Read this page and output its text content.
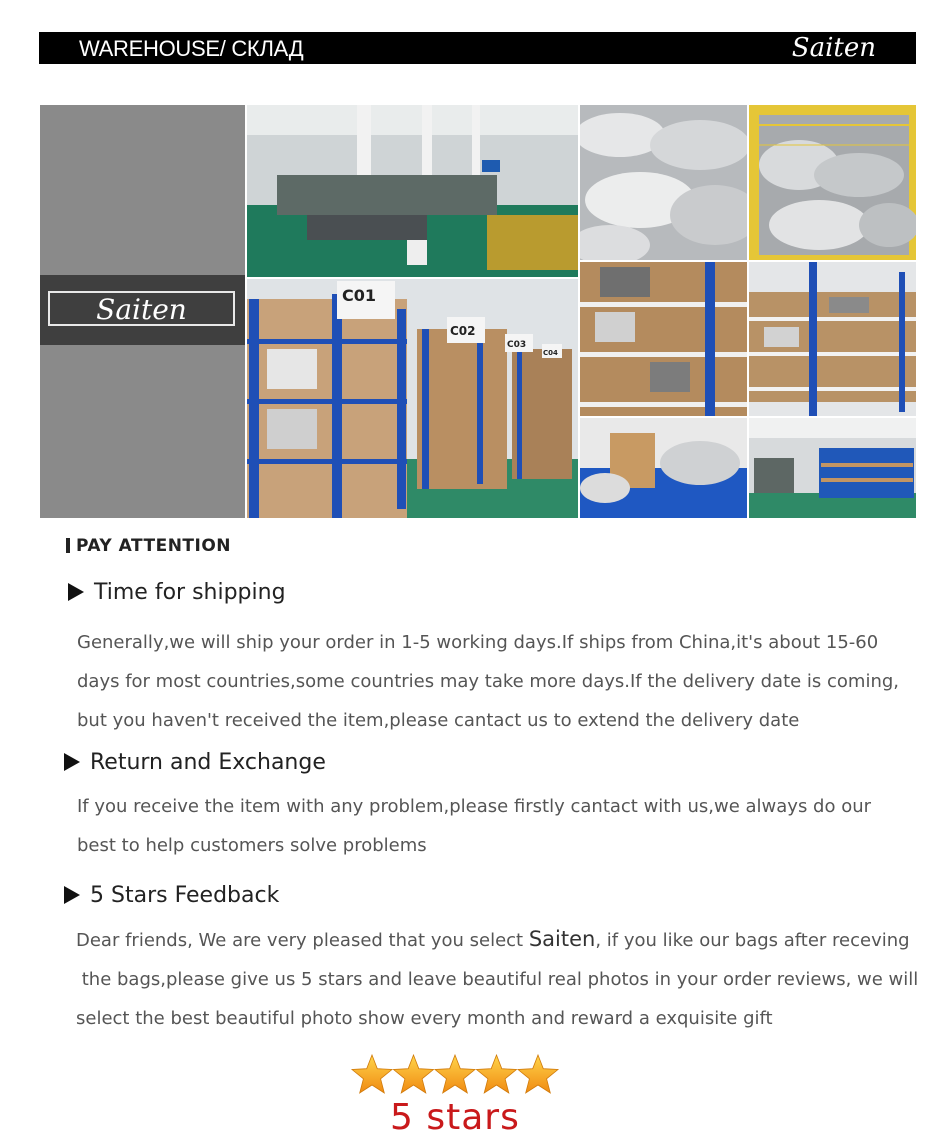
WAREHOUSE/ СКЛАД	Saiten
Saiten	C01
C02
C03
C04
PAY ATTENTION
Time for shipping
Generally,we will ship your order in 1-5 working days.If ships from China,it's about 15-60
days for most countries,some countries may take more days.If the delivery date is coming,
but you haven't received the item,please cantact us to extend the delivery date
Return and Exchange
If you receive the item with any problem,please firstly cantact with us,we always do our
best to help customers solve problems
5 Stars Feedback
Dear friends, We are very pleased that you select Saiten, if you like our bags after receving
the bags,please give us 5 stars and leave beautiful real photos in your order reviews, we will
select the best beautiful photo show every month and reward a exquisite gift
5 stars
